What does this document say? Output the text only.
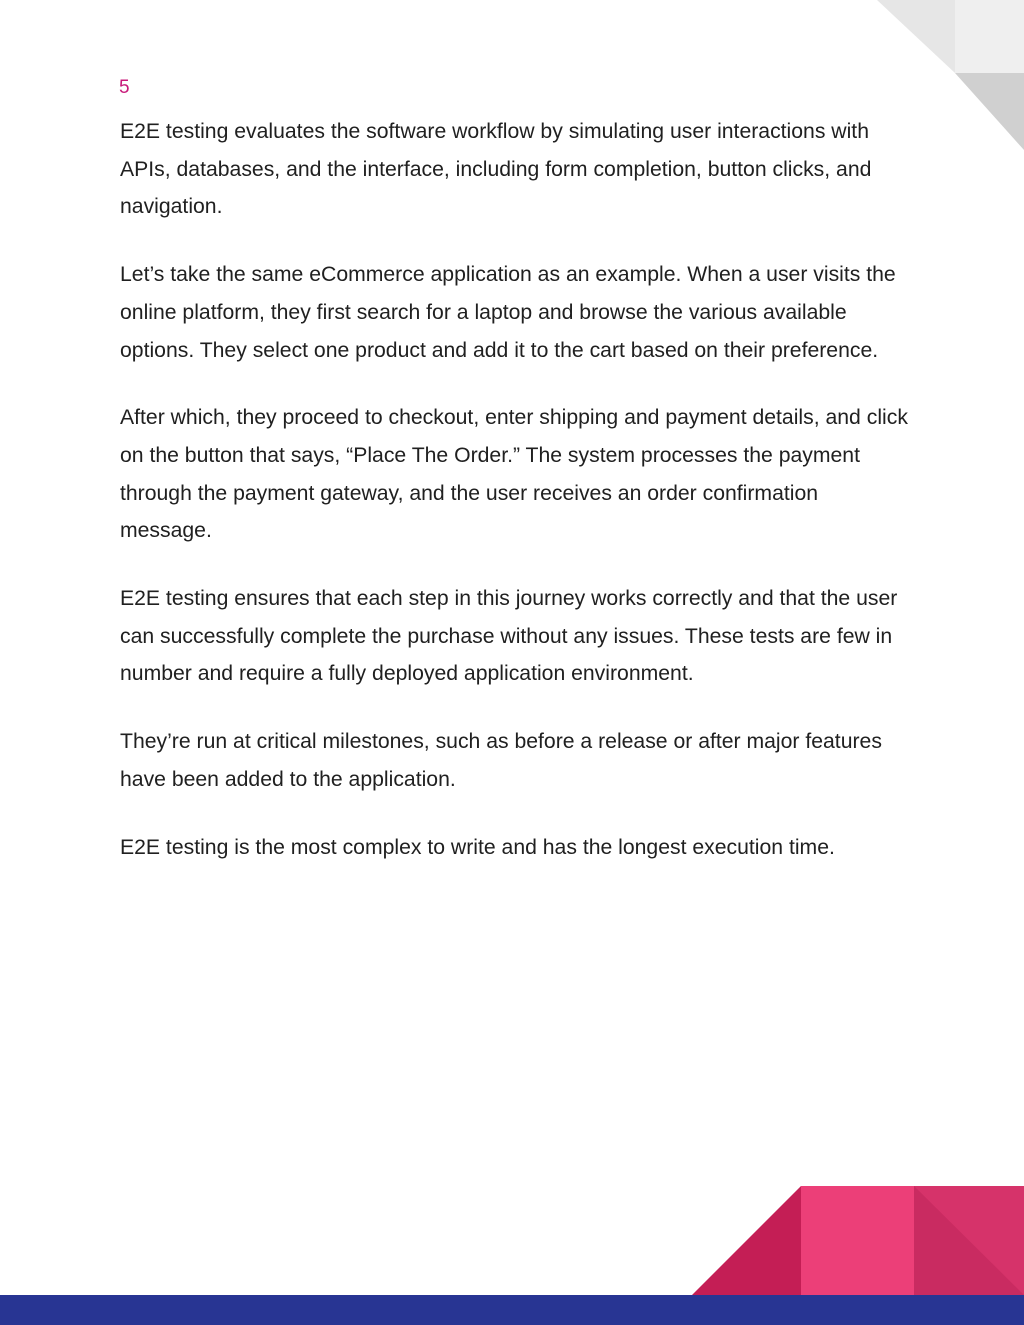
5

E2E testing evaluates the software workflow by simulating user interactions with APIs, databases, and the interface, including form completion, button clicks, and navigation.

Let’s take the same eCommerce application as an example. When a user visits the online platform, they first search for a laptop and browse the various available options. They select one product and add it to the cart based on their preference.

After which, they proceed to checkout, enter shipping and payment details, and click on the button that says, “Place The Order.” The system processes the payment through the payment gateway, and the user receives an order confirmation message.

E2E testing ensures that each step in this journey works correctly and that the user can successfully complete the purchase without any issues. These tests are few in number and require a fully deployed application environment.

They’re run at critical milestones, such as before a release or after major features have been added to the application.

E2E testing is the most complex to write and has the longest execution time.
